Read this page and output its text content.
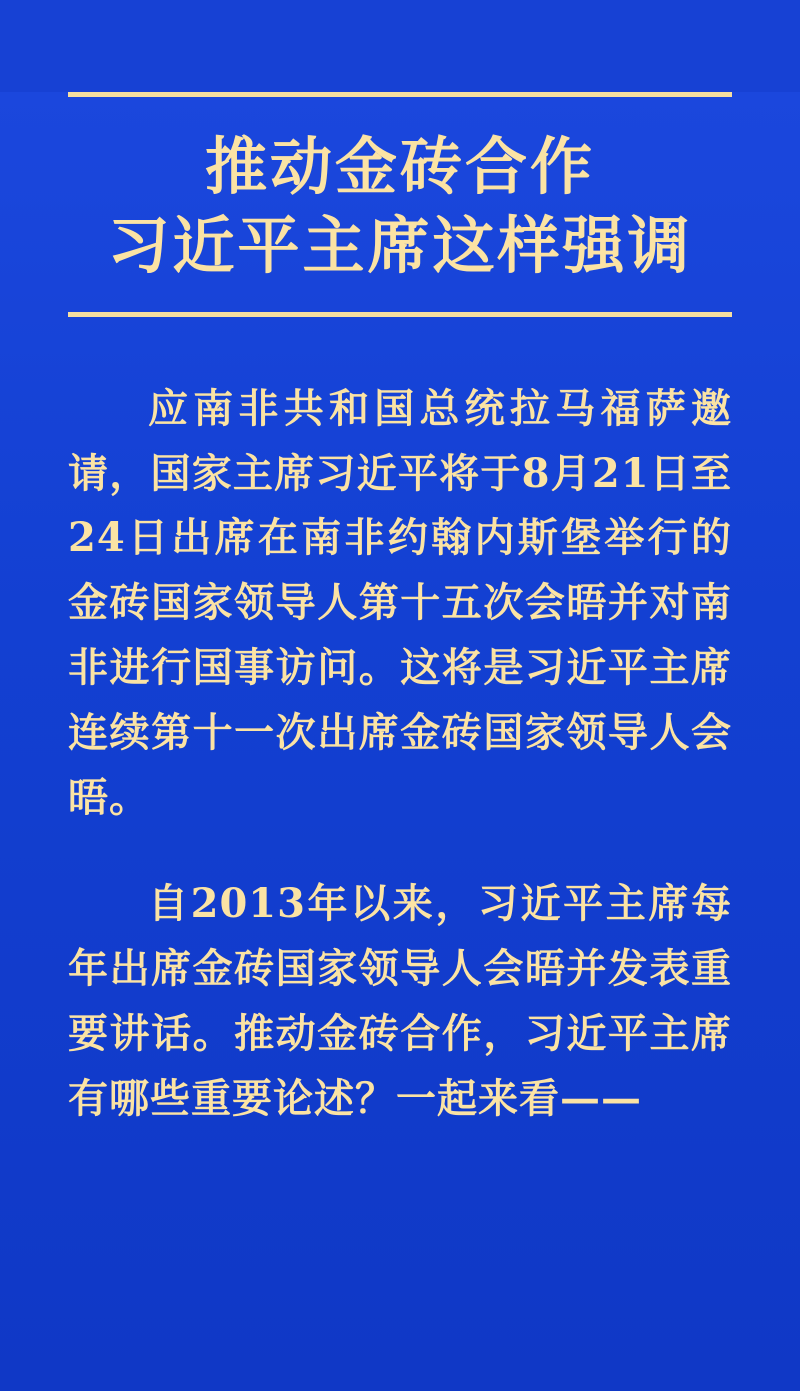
推动金砖合作
习近平主席这样强调

应南非共和国总统拉马福萨邀请，国家主席习近平将于8月21日至24日出席在南非约翰内斯堡举行的金砖国家领导人第十五次会晤并对南非进行国事访问。这将是习近平主席连续第十一次出席金砖国家领导人会晤。

自2013年以来，习近平主席每年出席金砖国家领导人会晤并发表重要讲话。推动金砖合作，习近平主席有哪些重要论述？一起来看——
